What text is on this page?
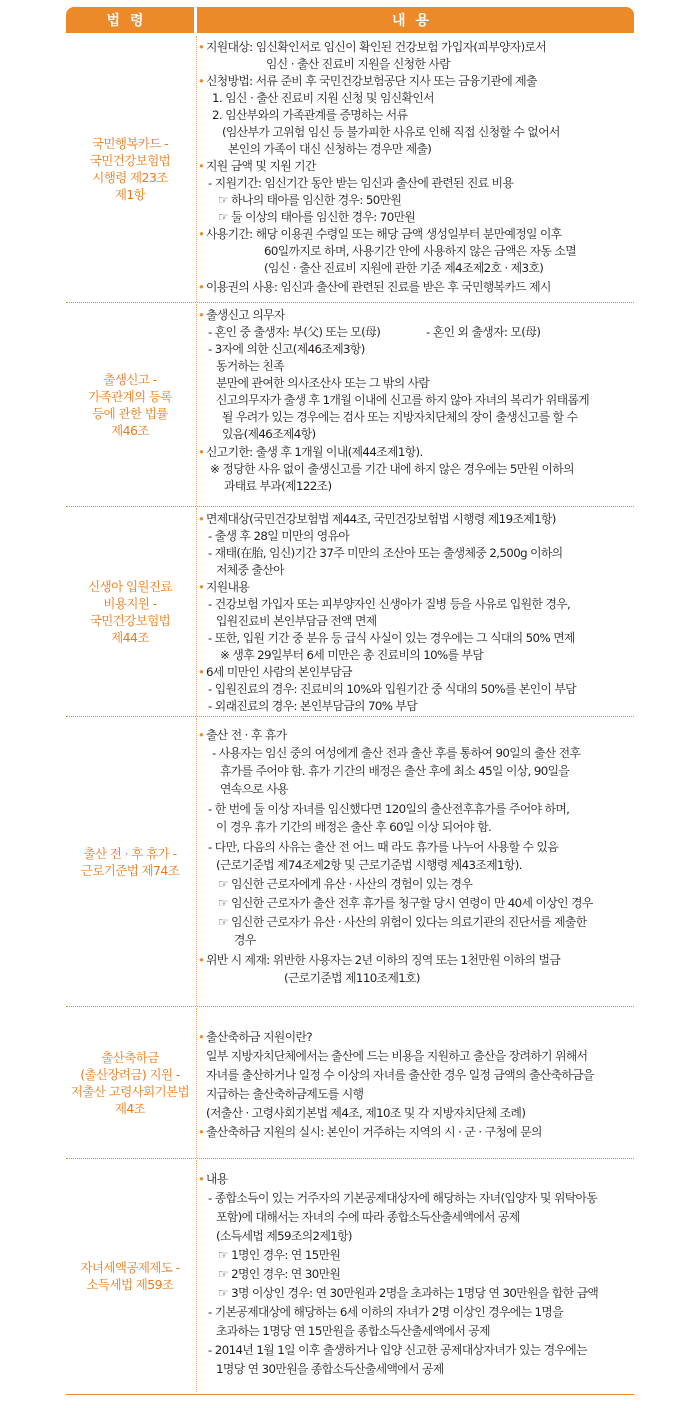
법령	내용
국민행복카드 -
국민건강보험법
시행령 제23조
제1항
• 지원대상: 임신확인서로 임신이 확인된 건강보험 가입자(피부양자)로서
임신 · 출산 진료비 지원을 신청한 사람
• 신청방법: 서류 준비 후 국민건강보험공단 지사 또는 금융기관에 제출
1. 임신 · 출산 진료비 지원 신청 및 임신확인서
2. 임산부와의 가족관계를 증명하는 서류
(임산부가 고위험 임신 등 불가피한 사유로 인해 직접 신청할 수 없어서
본인의 가족이 대신 신청하는 경우만 제출)
• 지원 금액 및 지원 기간
- 지원기간: 임신기간 동안 받는 임신과 출산에 관련된 진료 비용
☞ 하나의 태아를 임신한 경우: 50만원
☞ 둘 이상의 태아를 임신한 경우: 70만원
• 사용기간: 해당 이용권 수령일 또는 해당 금액 생성일부터 분만예정일 이후
60일까지로 하며, 사용기간 안에 사용하지 않은 금액은 자동 소멸
(임신 · 출산 진료비 지원에 관한 기준 제4조제2호 · 제3호)
• 이용권의 사용: 임신과 출산에 관련된 진료를 받은 후 국민행복카드 제시
출생신고 -
가족관계의 등록
등에 관한 법률
제46조
• 출생신고 의무자
- 혼인 중 출생자: 부(父) 또는 모(母)	- 혼인 외 출생자: 모(母)
- 3자에 의한 신고(제46조제3항)
동거하는 친족
분만에 관여한 의사조산사 또는 그 밖의 사람
신고의무자가 출생 후 1개월 이내에 신고를 하지 않아 자녀의 복리가 위태롭게
될 우려가 있는 경우에는 검사 또는 지방자치단체의 장이 출생신고를 할 수
있음(제46조제4항)
• 신고기한: 출생 후 1개월 이내(제44조제1항).
※ 정당한 사유 없이 출생신고를 기간 내에 하지 않은 경우에는 5만원 이하의
과태료 부과(제122조)
신생아 입원진료
비용지원 -
국민건강보험법
제44조
• 면제대상(국민건강보험법 제44조, 국민건강보험법 시행령 제19조제1항)
- 출생 후 28일 미만의 영유아
- 재태(在胎, 임신)기간 37주 미만의 조산아 또는 출생체중 2,500g 이하의
저체중 출산아
• 지원내용
- 건강보험 가입자 또는 피부양자인 신생아가 질병 등을 사유로 입원한 경우,
입원진료비 본인부담금 전액 면제
- 또한, 입원 기간 중 분유 등 급식 사실이 있는 경우에는 그 식대의 50% 면제
※ 생후 29일부터 6세 미만은 총 진료비의 10%를 부담
• 6세 미만인 사람의 본인부담금
- 입원진료의 경우: 진료비의 10%와 입원기간 중 식대의 50%를 본인이 부담
- 외래진료의 경우: 본인부담금의 70% 부담
출산 전 · 후 휴가 -
근로기준법 제74조
• 출산 전 · 후 휴가
- 사용자는 임신 중의 여성에게 출산 전과 출산 후를 통하여 90일의 출산 전후
휴가를 주어야 함. 휴가 기간의 배정은 출산 후에 최소 45일 이상, 90일을
연속으로 사용
- 한 번에 둘 이상 자녀를 임신했다면 120일의 출산전후휴가를 주어야 하며,
이 경우 휴가 기간의 배정은 출산 후 60일 이상 되어야 함.
- 다만, 다음의 사유는 출산 전 어느 때 라도 휴가를 나누어 사용할 수 있음
(근로기준법 제74조제2항 및 근로기준법 시행령 제43조제1항).
☞ 임신한 근로자에게 유산 · 사산의 경험이 있는 경우
☞ 임신한 근로자가 출산 전후 휴가를 청구할 당시 연령이 만 40세 이상인 경우
☞ 임신한 근로자가 유산 · 사산의 위험이 있다는 의료기관의 진단서를 제출한
경우
• 위반 시 제재: 위반한 사용자는 2년 이하의 징역 또는 1천만원 이하의 벌금
(근로기준법 제110조제1호)
출산축하금
(출산장려금) 지원 -
저출산 고령사회기본법
제4조
• 출산축하금 지원이란?
일부 지방자치단체에서는 출산에 드는 비용을 지원하고 출산을 장려하기 위해서
자녀를 출산하거나 일정 수 이상의 자녀를 출산한 경우 일정 금액의 출산축하금을
지급하는 출산축하금제도를 시행
(저출산 · 고령사회기본법 제4조, 제10조 및 각 지방자치단체 조례)
• 출산축하금 지원의 실시: 본인이 거주하는 지역의 시 · 군 · 구청에 문의
자녀세액공제제도 -
소득세법 제59조
• 내용
- 종합소득이 있는 거주자의 기본공제대상자에 해당하는 자녀(입양자 및 위탁아동
포함)에 대해서는 자녀의 수에 따라 종합소득산출세액에서 공제
(소득세법 제59조의2제1항)
☞ 1명인 경우: 연 15만원
☞ 2명인 경우: 연 30만원
☞ 3명 이상인 경우: 연 30만원과 2명을 초과하는 1명당 연 30만원을 합한 금액
- 기본공제대상에 해당하는 6세 이하의 자녀가 2명 이상인 경우에는 1명을
초과하는 1명당 연 15만원을 종합소득산출세액에서 공제
- 2014년 1월 1일 이후 출생하거나 입양 신고한 공제대상자녀가 있는 경우에는
1명당 연 30만원을 종합소득산출세액에서 공제
